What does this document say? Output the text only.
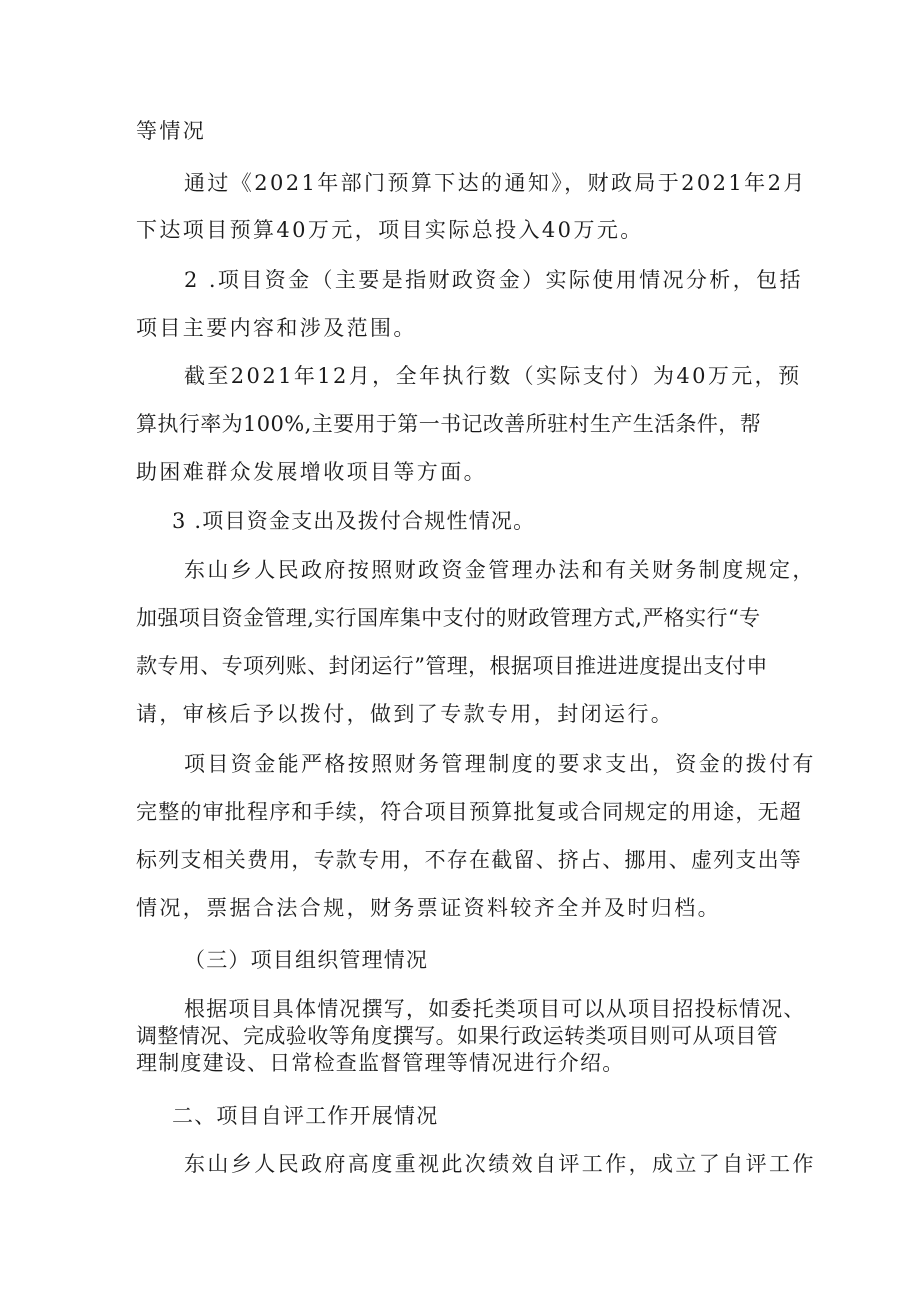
等情况
通过《2021年部门预算下达的通知》，财政局于2021年2月
下达项目预算40万元，项目实际总投入40万元。
2 .项目资金（主要是指财政资金）实际使用情况分析，包括
项目主要内容和涉及范围。
截至2021年12月，全年执行数（实际支付）为40万元，预
算执行率为100%,主要用于第一书记改善所驻村生产生活条件，帮
助困难群众发展增收项目等方面。
3 .项目资金支出及拨付合规性情况。
东山乡人民政府按照财政资金管理办法和有关财务制度规定，
加强项目资金管理,实行国库集中支付的财政管理方式,严格实行“专
款专用、专项列账、封闭运行”管理，根据项目推进进度提出支付申
请，审核后予以拨付，做到了专款专用，封闭运行。
项目资金能严格按照财务管理制度的要求支出，资金的拨付有
完整的审批程序和手续，符合项目预算批复或合同规定的用途，无超
标列支相关费用，专款专用，不存在截留、挤占、挪用、虚列支出等
情况，票据合法合规，财务票证资料较齐全并及时归档。
（三）项目组织管理情况
根据项目具体情况撰写，如委托类项目可以从项目招投标情况、
调整情况、完成验收等角度撰写。如果行政运转类项目则可从项目管
理制度建设、日常检查监督管理等情况进行介绍。
二、项目自评工作开展情况
东山乡人民政府高度重视此次绩效自评工作，成立了自评工作
